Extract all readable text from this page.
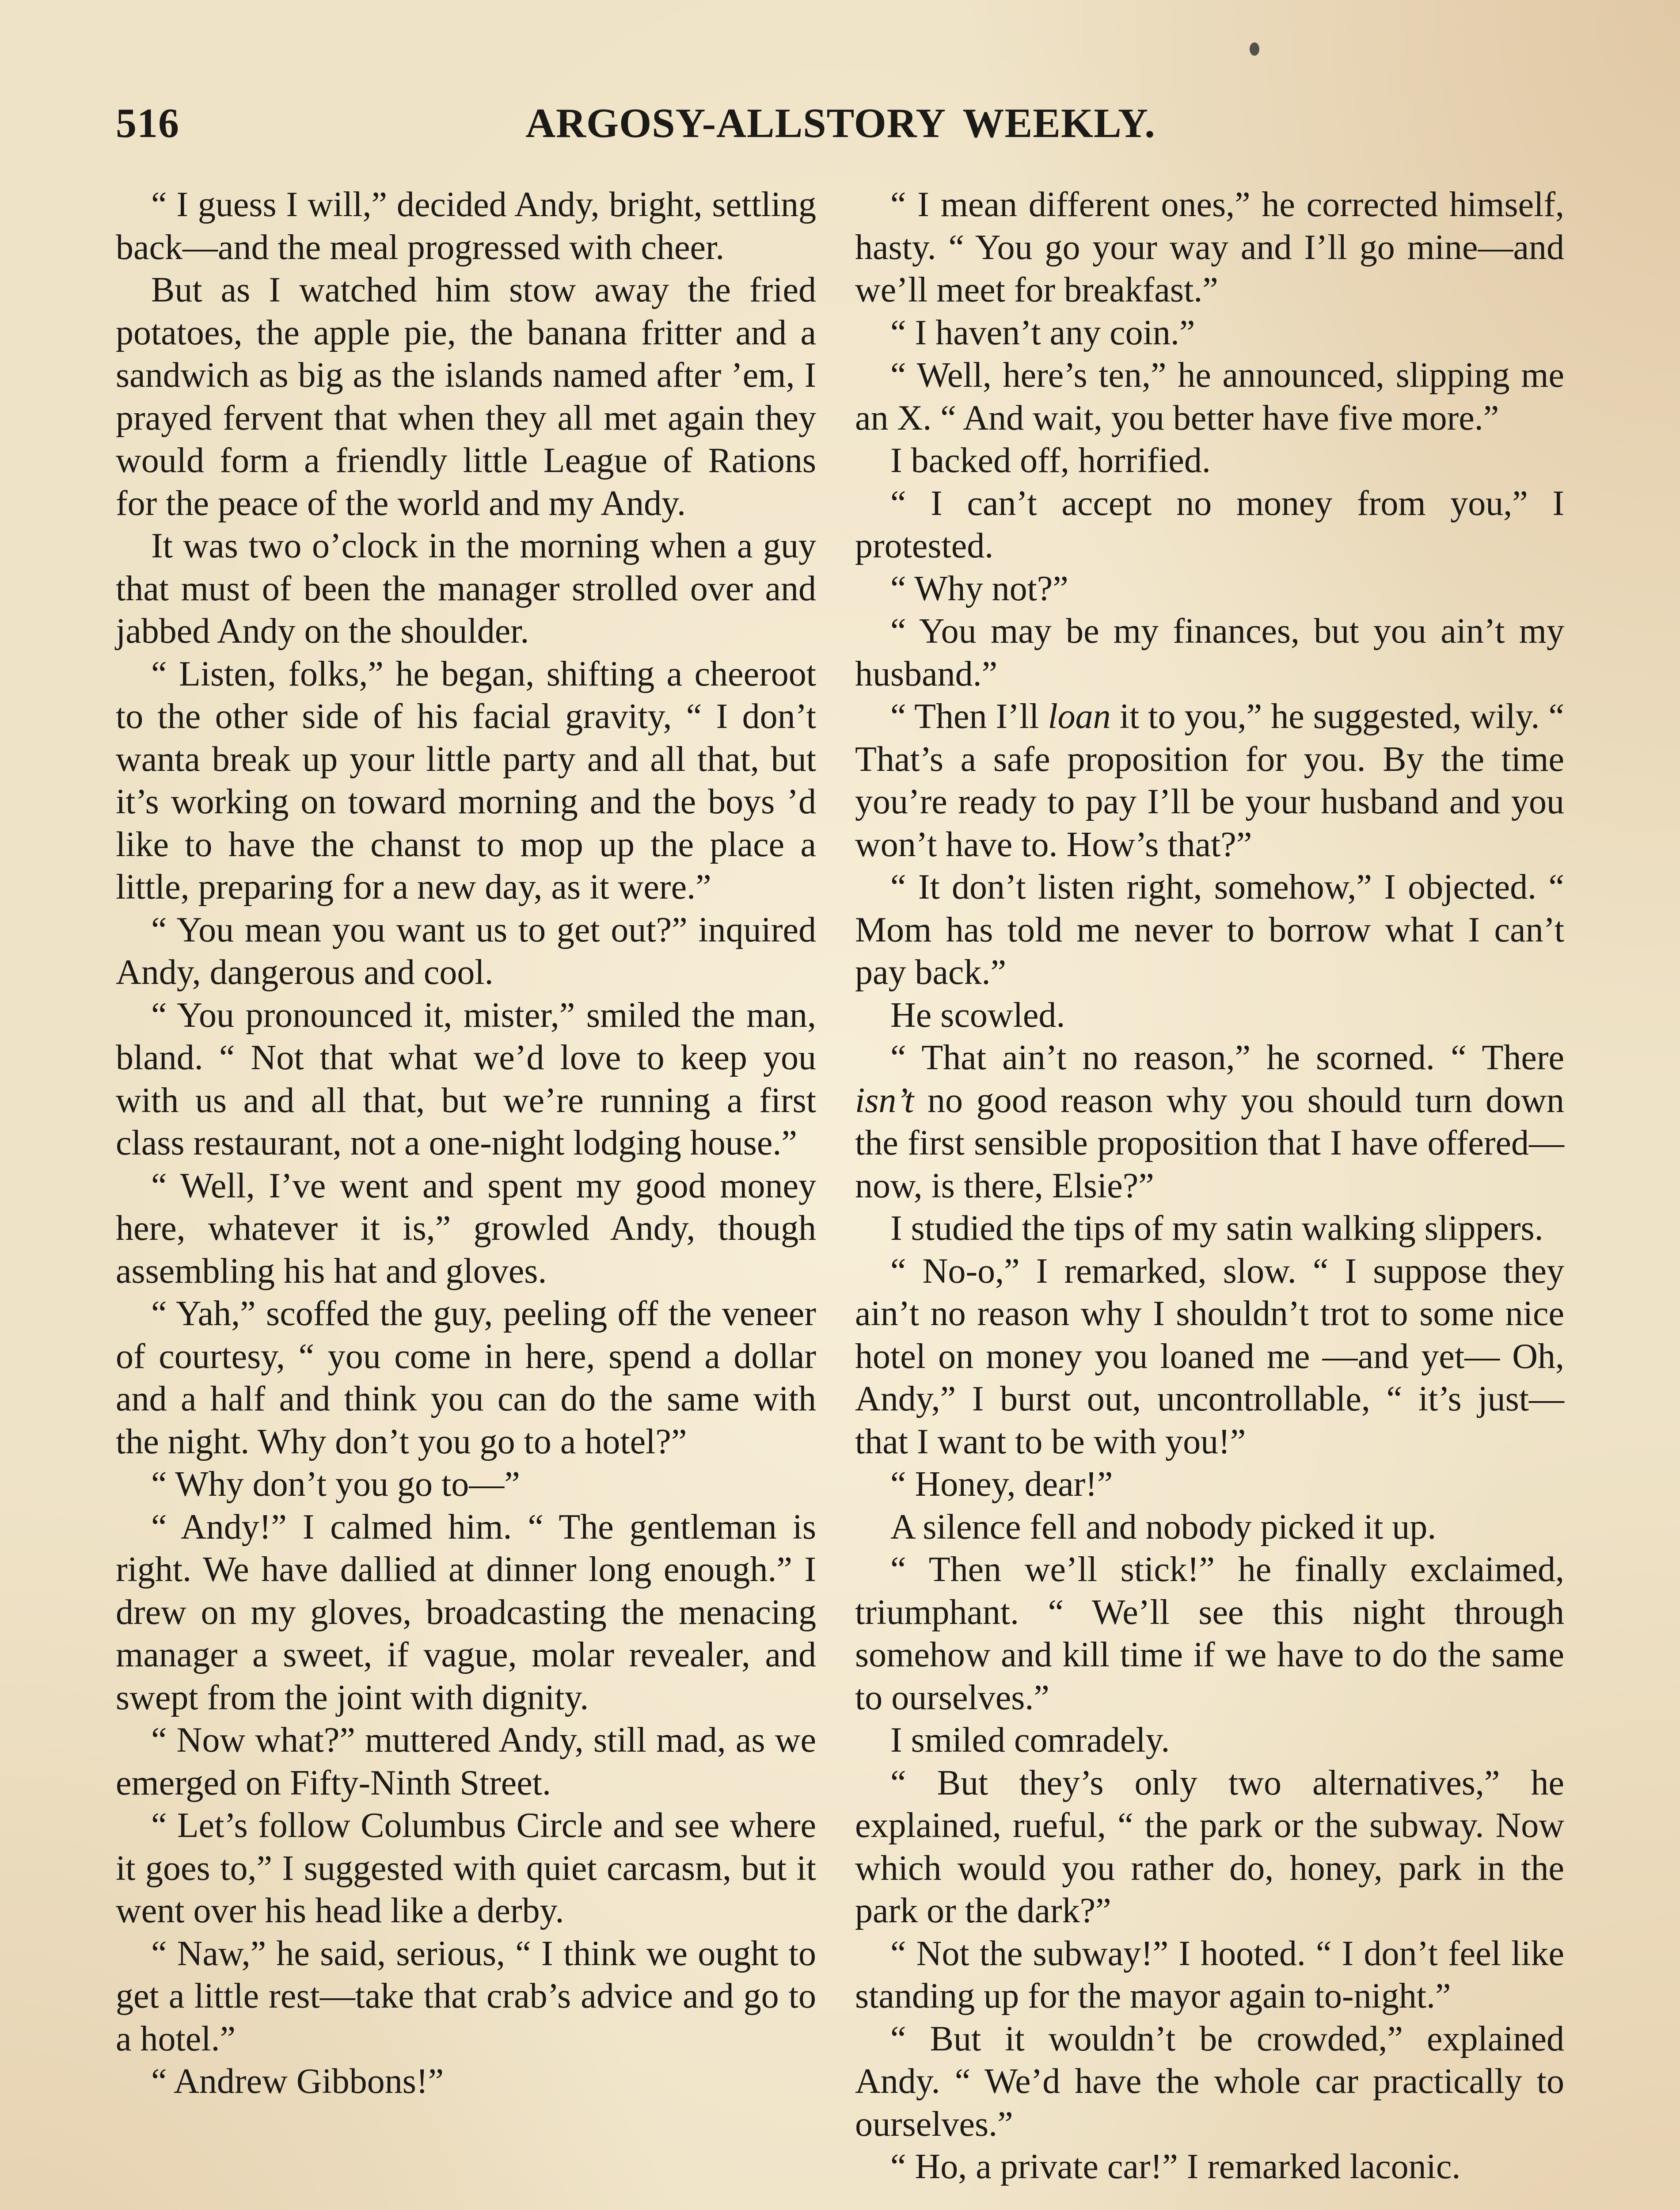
516	ARGOSY-ALLSTORY WEEKLY.

“ I guess I will,” decided Andy, bright, settling back—and the meal progressed with cheer.

But as I watched him stow away the fried potatoes, the apple pie, the banana fritter and a sandwich as big as the islands named after ’em, I prayed fervent that when they all met again they would form a friendly little League of Rations for the peace of the world and my Andy.

It was two o’clock in the morning when a guy that must of been the manager strolled over and jabbed Andy on the shoulder.

“ Listen, folks,” he began, shifting a cheeroot to the other side of his facial gravity, “ I don’t wanta break up your little party and all that, but it’s working on toward morning and the boys ’d like to have the chanst to mop up the place a little, preparing for a new day, as it were.”

“ You mean you want us to get out?” inquired Andy, dangerous and cool.

“ You pronounced it, mister,” smiled the man, bland. “ Not that what we’d love to keep you with us and all that, but we’re running a first class restaurant, not a one-night lodging house.”

“ Well, I’ve went and spent my good money here, whatever it is,” growled Andy, though assembling his hat and gloves.

“ Yah,” scoffed the guy, peeling off the veneer of courtesy, “ you come in here, spend a dollar and a half and think you can do the same with the night. Why don’t you go to a hotel?”

“ Why don’t you go to—”

“ Andy!” I calmed him. “ The gentleman is right. We have dallied at dinner long enough.” I drew on my gloves, broadcasting the menacing manager a sweet, if vague, molar revealer, and swept from the joint with dignity.

“ Now what?” muttered Andy, still mad, as we emerged on Fifty-Ninth Street.

“ Let’s follow Columbus Circle and see where it goes to,” I suggested with quiet carcasm, but it went over his head like a derby.

“ Naw,” he said, serious, “ I think we ought to get a little rest—take that crab’s advice and go to a hotel.”

“ Andrew Gibbons!”

“ I mean different ones,” he corrected himself, hasty. “ You go your way and I’ll go mine—and we’ll meet for breakfast.”

“ I haven’t any coin.”

“ Well, here’s ten,” he announced, slipping me an X. “ And wait, you better have five more.”

I backed off, horrified.

“ I can’t accept no money from you,” I protested.

“ Why not?”

“ You may be my finances, but you ain’t my husband.”

“ Then I’ll loan it to you,” he suggested, wily. “ That’s a safe proposition for you. By the time you’re ready to pay I’ll be your husband and you won’t have to. How’s that?”

“ It don’t listen right, somehow,” I objected. “ Mom has told me never to borrow what I can’t pay back.”

He scowled.

“ That ain’t no reason,” he scorned. “ There isn’t no good reason why you should turn down the first sensible proposition that I have offered—now, is there, Elsie?”

I studied the tips of my satin walking slippers.

“ No-o,” I remarked, slow. “ I suppose they ain’t no reason why I shouldn’t trot to some nice hotel on money you loaned me —and yet— Oh, Andy,” I burst out, uncontrollable, “ it’s just—that I want to be with you!”

“ Honey, dear!”

A silence fell and nobody picked it up.

“ Then we’ll stick!” he finally exclaimed, triumphant. “ We’ll see this night through somehow and kill time if we have to do the same to ourselves.”

I smiled comradely.

“ But they’s only two alternatives,” he explained, rueful, “ the park or the subway. Now which would you rather do, honey, park in the park or the dark?”

“ Not the subway!” I hooted. “ I don’t feel like standing up for the mayor again to-night.”

“ But it wouldn’t be crowded,” explained Andy. “ We’d have the whole car practically to ourselves.”

“ Ho, a private car!” I remarked laconic.
